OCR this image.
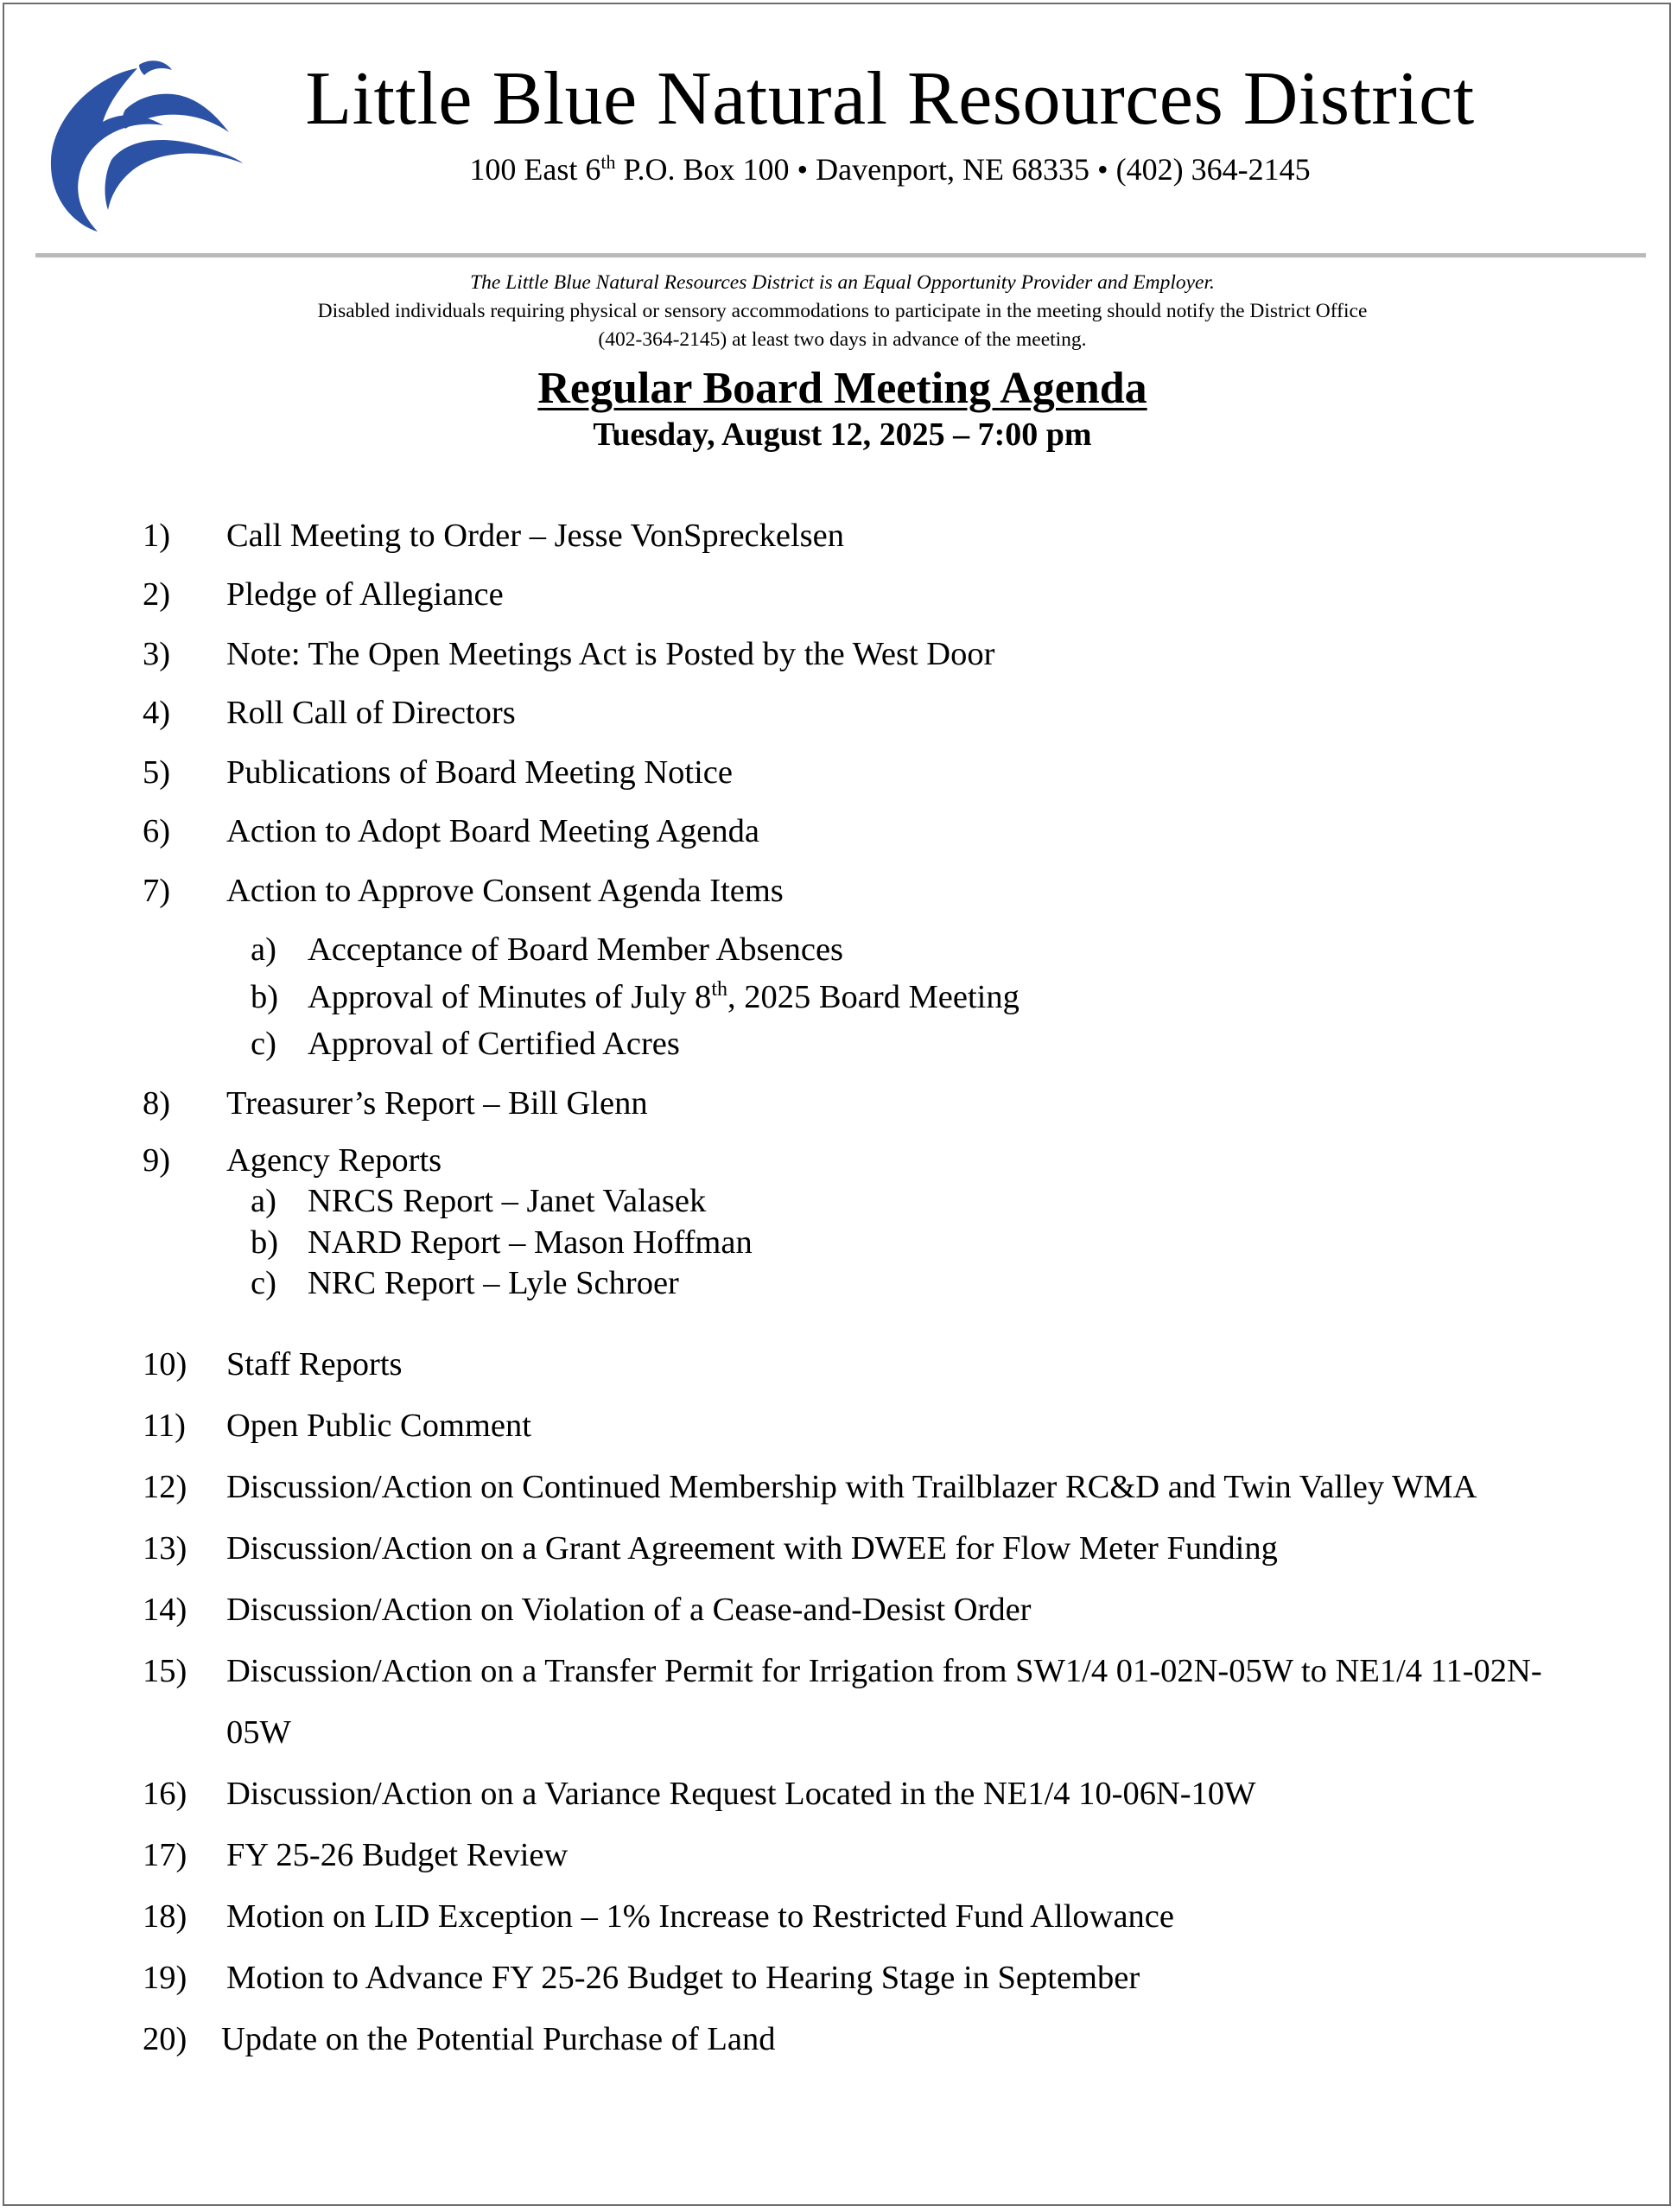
Little Blue Natural Resources District
100 East 6th P.O. Box 100 • Davenport, NE 68335 • (402) 364-2145
The Little Blue Natural Resources District is an Equal Opportunity Provider and Employer.
Disabled individuals requiring physical or sensory accommodations to participate in the meeting should notify the District Office
(402-364-2145) at least two days in advance of the meeting.
Regular Board Meeting Agenda
Tuesday, August 12, 2025 – 7:00 pm
1) Call Meeting to Order – Jesse VonSpreckelsen
2) Pledge of Allegiance
3) Note: The Open Meetings Act is Posted by the West Door
4) Roll Call of Directors
5) Publications of Board Meeting Notice
6) Action to Adopt Board Meeting Agenda
7) Action to Approve Consent Agenda Items
a) Acceptance of Board Member Absences
b) Approval of Minutes of July 8th, 2025 Board Meeting
c) Approval of Certified Acres
8) Treasurer’s Report – Bill Glenn
9) Agency Reports
a) NRCS Report – Janet Valasek
b) NARD Report – Mason Hoffman
c) NRC Report – Lyle Schroer
10) Staff Reports
11) Open Public Comment
12) Discussion/Action on Continued Membership with Trailblazer RC&D and Twin Valley WMA
13) Discussion/Action on a Grant Agreement with DWEE for Flow Meter Funding
14) Discussion/Action on Violation of a Cease-and-Desist Order
15) Discussion/Action on a Transfer Permit for Irrigation from SW1/4 01-02N-05W to NE1/4 11-02N-
05W
16) Discussion/Action on a Variance Request Located in the NE1/4 10-06N-10W
17) FY 25-26 Budget Review
18) Motion on LID Exception – 1% Increase to Restricted Fund Allowance
19) Motion to Advance FY 25-26 Budget to Hearing Stage in September
20) Update on the Potential Purchase of Land
